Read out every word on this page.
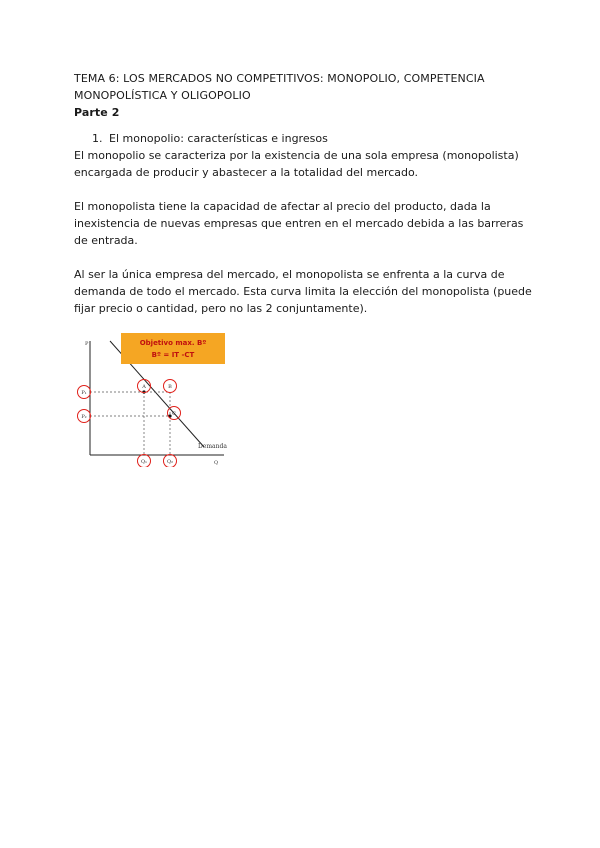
TEMA 6: LOS MERCADOS NO COMPETITIVOS: MONOPOLIO, COMPETENCIA
MONOPOLÍSTICA Y OLIGOPOLIO
Parte 2
1. El monopolio: características e ingresos

El monopolio se caracteriza por la existencia de una sola empresa (monopolista) encargada de producir y abastecer a la totalidad del mercado.

El monopolista tiene la capacidad de afectar al precio del producto, dada la inexistencia de nuevas empresas que entren en el mercado debida a las barreras de entrada.

Al ser la única empresa del mercado, el monopolista se enfrenta a la curva de demanda de todo el mercado. Esta curva limita la elección del monopolista (puede fijar precio o cantidad, pero no las 2 conjuntamente).

P
Q
Demanda
Objetivo max. Bº
Bº = IT -CT
P₁
P₂
A	B
C
Q₁	Q₂
